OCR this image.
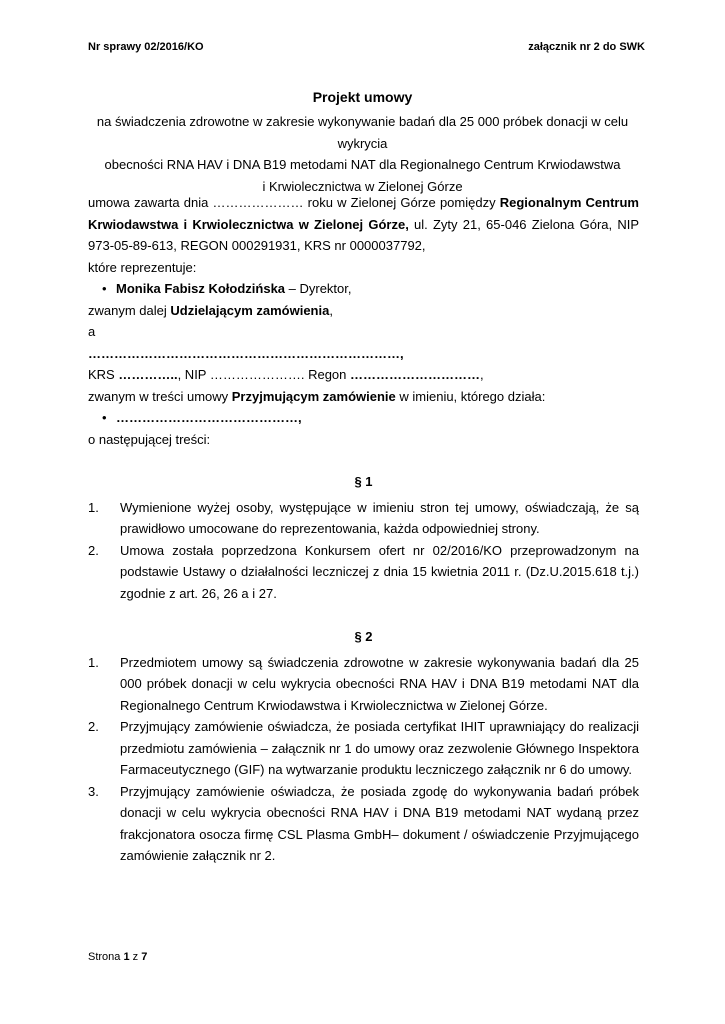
Nr sprawy 02/2016/KO	załącznik nr 2 do SWK
Projekt umowy
na świadczenia zdrowotne w zakresie wykonywanie badań dla 25 000 próbek donacji w celu wykrycia
obecności RNA HAV i DNA B19 metodami NAT dla Regionalnego Centrum Krwiodawstwa
i Krwiolecznictwa w Zielonej Górze

umowa zawarta dnia ………………… roku w Zielonej Górze pomiędzy Regionalnym Centrum Krwiodawstwa i Krwiolecznictwa w Zielonej Górze, ul. Zyty 21, 65-046 Zielona Góra, NIP 973-05-89-613, REGON 000291931, KRS nr 0000037792,

które reprezentuje:

• Monika Fabisz Kołodzińska – Dyrektor,

zwanym dalej Udzielającym zamówienia,

a

………………………………………………………………,

KRS ………….., NIP …………………. Regon …………………………,

zwanym w treści umowy Przyjmującym zamówienie w imieniu, którego działa:

• ……………………………………,

o następującej treści:

§ 1

1. Wymienione wyżej osoby, występujące w imieniu stron tej umowy, oświadczają, że są prawidłowo umocowane do reprezentowania, każda odpowiedniej strony.
2. Umowa została poprzedzona Konkursem ofert nr 02/2016/KO przeprowadzonym na podstawie Ustawy o działalności leczniczej z dnia 15 kwietnia 2011 r. (Dz.U.2015.618 t.j.) zgodnie z art. 26, 26 a i 27.

§ 2

1. Przedmiotem umowy są świadczenia zdrowotne w zakresie wykonywania badań dla 25 000 próbek donacji w celu wykrycia obecności RNA HAV i DNA B19 metodami NAT dla Regionalnego Centrum Krwiodawstwa i Krwiolecznictwa w Zielonej Górze.
2. Przyjmujący zamówienie oświadcza, że posiada certyfikat IHIT uprawniający do realizacji przedmiotu zamówienia – załącznik nr 1 do umowy oraz zezwolenie Głównego Inspektora Farmaceutycznego (GIF) na wytwarzanie produktu leczniczego załącznik nr 6 do umowy.
3. Przyjmujący zamówienie oświadcza, że posiada zgodę do wykonywania badań próbek donacji w celu wykrycia obecności RNA HAV i DNA B19 metodami NAT wydaną przez frakcjonatora osocza firmę CSL Plasma GmbH– dokument / oświadczenie Przyjmującego zamówienie załącznik nr 2.
Strona 1 z 7
